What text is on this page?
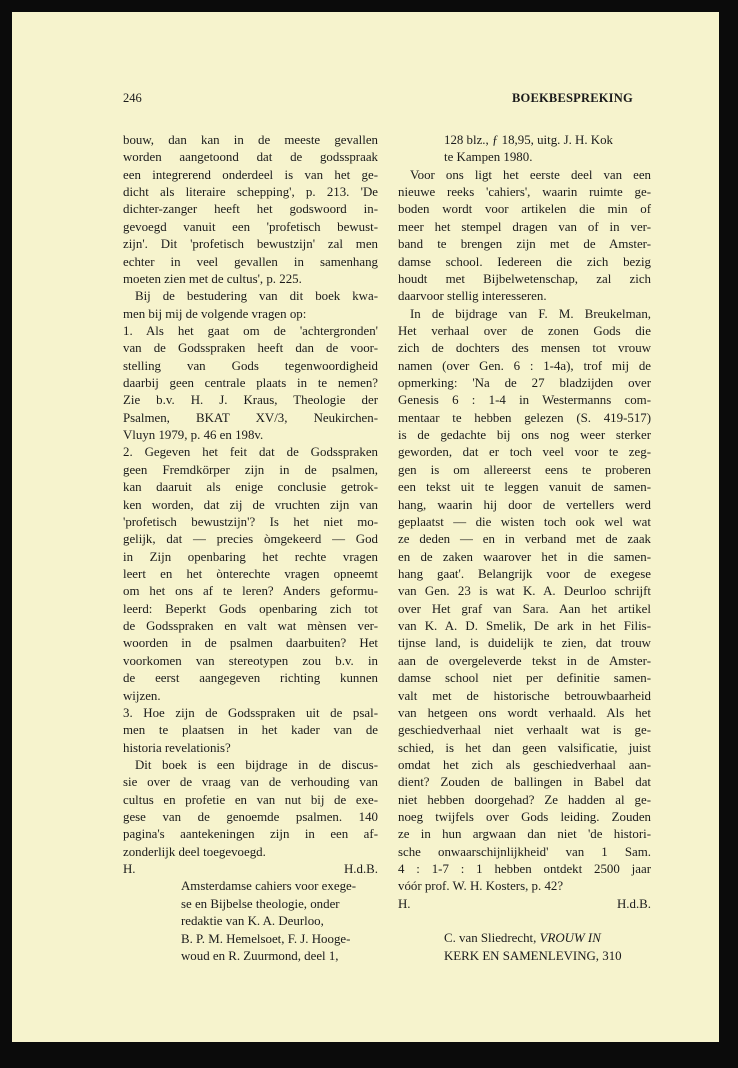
246	BOEKBESPREKING

bouw, dan kan in de meeste gevallen

worden aangetoond dat de godsspraak

een integrerend onderdeel is van het ge-

dicht als literaire schepping', p. 213. 'De

dichter-zanger heeft het godswoord in-

gevoegd vanuit een 'profetisch bewust-

zijn'. Dit 'profetisch bewustzijn' zal men

echter in veel gevallen in samenhang

moeten zien met de cultus', p. 225.

Bij de bestudering van dit boek kwa-

men bij mij de volgende vragen op:

1. Als het gaat om de 'achtergronden'

van de Godsspraken heeft dan de voor-

stelling van Gods tegenwoordigheid

daarbij geen centrale plaats in te nemen?

Zie b.v. H. J. Kraus, Theologie der

Psalmen, BKAT XV/3, Neukirchen-

Vluyn 1979, p. 46 en 198v.

2. Gegeven het feit dat de Godsspraken

geen Fremdkörper zijn in de psalmen,

kan daaruit als enige conclusie getrok-

ken worden, dat zij de vruchten zijn van

'profetisch bewustzijn'? Is het niet mo-

gelijk, dat — precies òmgekeerd — God

in Zijn openbaring het rechte vragen

leert en het ònterechte vragen opneemt

om het ons af te leren? Anders geformu-

leerd: Beperkt Gods openbaring zich tot

de Godsspraken en valt wat mènsen ver-

woorden in de psalmen daarbuiten? Het

voorkomen van stereotypen zou b.v. in

de eerst aangegeven richting kunnen

wijzen.

3. Hoe zijn de Godsspraken uit de psal-

men te plaatsen in het kader van de

historia revelationis?

Dit boek is een bijdrage in de discus-

sie over de vraag van de verhouding van

cultus en profetie en van nut bij de exe-

gese van de genoemde psalmen. 140

pagina's aantekeningen zijn in een af-

zonderlijk deel toegevoegd.

H.	H.d.B.

Amsterdamse cahiers voor exege-

se en Bijbelse theologie, onder

redaktie van K. A. Deurloo,

B. P. M. Hemelsoet, F. J. Hooge-

woud en R. Zuurmond, deel 1,

128 blz., ƒ 18,95, uitg. J. H. Kok

te Kampen 1980.

Voor ons ligt het eerste deel van een

nieuwe reeks 'cahiers', waarin ruimte ge-

boden wordt voor artikelen die min of

meer het stempel dragen van of in ver-

band te brengen zijn met de Amster-

damse school. Iedereen die zich bezig

houdt met Bijbelwetenschap, zal zich

daarvoor stellig interesseren.

In de bijdrage van F. M. Breukelman,

Het verhaal over de zonen Gods die

zich de dochters des mensen tot vrouw

namen (over Gen. 6 : 1-4a), trof mij de

opmerking: 'Na de 27 bladzijden over

Genesis 6 : 1-4 in Westermanns com-

mentaar te hebben gelezen (S. 419-517)

is de gedachte bij ons nog weer sterker

geworden, dat er toch veel voor te zeg-

gen is om allereerst eens te proberen

een tekst uit te leggen vanuit de samen-

hang, waarin hij door de vertellers werd

geplaatst — die wisten toch ook wel wat

ze deden — en in verband met de zaak

en de zaken waarover het in die samen-

hang gaat'. Belangrijk voor de exegese

van Gen. 23 is wat K. A. Deurloo schrijft

over Het graf van Sara. Aan het artikel

van K. A. D. Smelik, De ark in het Filis-

tijnse land, is duidelijk te zien, dat trouw

aan de overgeleverde tekst in de Amster-

damse school niet per definitie samen-

valt met de historische betrouwbaarheid

van hetgeen ons wordt verhaald. Als het

geschiedverhaal niet verhaalt wat is ge-

schied, is het dan geen valsificatie, juist

omdat het zich als geschiedverhaal aan-

dient? Zouden de ballingen in Babel dat

niet hebben doorgehad? Ze hadden al ge-

noeg twijfels over Gods leiding. Zouden

ze in hun argwaan dan niet 'de histori-

sche onwaarschijnlijkheid' van 1 Sam.

4 : 1-7 : 1 hebben ontdekt 2500 jaar

vóór prof. W. H. Kosters, p. 42?

H.	H.d.B.

C. van Sliedrecht, VROUW IN

KERK EN SAMENLEVING, 310
